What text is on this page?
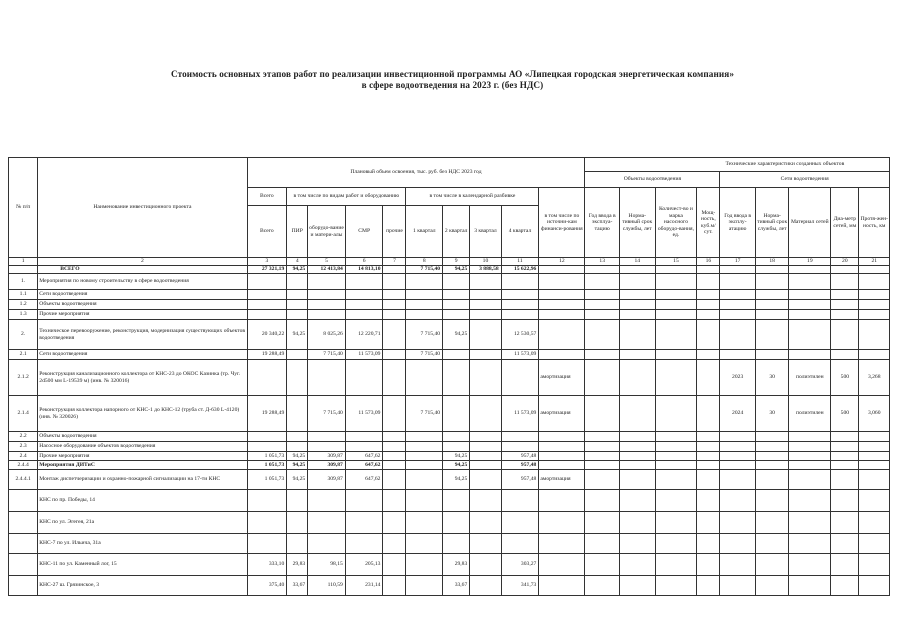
Стоимость основных этапов работ по реализации инвестиционной программы АО «Липецкая городская энергетическая компания»
в сфере водоотведения на 2023 г. (без НДС)
№ п/п	Наименование инвестиционного проекта	Плановый объем освоения, тыс. руб. без НДС 2023 год										Технические характеристики созданных объектов								
												Объекты водоотведения				Сети водоотведения				
		Всего	в том числе по видам работ и оборудованию				в том числе в календарной разбивке				в том числе по источни-кам финанси-рования	Год ввода в эксплуа-тацию	Норма-тивный срок службы, лет	Количест-во и марка насосного оборудо-вания, ед.	Мощ-ность, куб.м/сут.	Год ввода в эксплу-атацию	Норма-тивный срок службы, лет	Материал сетей	Диа-метр сетей, мм	Протя-жен-ность, км
		Всего	ПИР	оборудо-вание и матери-алы	СМР	прочие	1 квартал	2 квартал	3 квартал	4 квартал										
1	2	3	4	5	6	7	8	9	10	11	12	13	14	15	16	17	18	19	20	21
	ВСЕГО	27 321,19	94,25	12 413,84	14 813,10		7 715,40	94,25	3 888,58	15 622,96										
1.	Мероприятия по новому строительству в сфере водоотведения																			
1.1	Сети водоотведения																			
1.2	Объекты водоотведения																			
1.3	Прочие мероприятия																			
2.	Техническое перевооружение, реконструкция, модернизация существующих объектов водоотведения	20 340,22	94,25	8 025,26	12 220,71		7 715,40	94,25		12 530,57										
2.1	Сети водоотведения	19 288,49		7 715,40	11 573,09		7 715,40			11 573,09										
2.1.2	Реконструкция канализационного коллектора от КНС-23 до ОКОС Казинка (тр. Чуг. 2d500 мм L-19539 м) (инв. № 320016)										амортизация					2023	30	полиэтилен	500	3,268
2.1.4	Реконструкция коллектора напорного от КНС-1 до КНС-12 (труба ст. Д-630 L-4120) (инв. № 320026)	19 288,49		7 715,40	11 573,09		7 715,40			11 573,09	амортизация					2024	30	полиэтилен	500	3,060
2.2	Объекты водоотведения																			
2.3	Насосное оборудование объектов водоотведения																			
2.4	Прочие мероприятия	1 051,73	94,25	309,87	647,62			94,25		957,48										
2.4.4	Мероприятия ДИТиС	1 051,73	94,25	309,87	647,62			94,25		957,48										
2.4.4.1	Монтаж диспетчеризации и охранно-пожарной сигнализации на 17-ти КНС	1 051,73	94,25	309,87	647,62			94,25		957,48	амортизация									
	КНС по пр. Победы, 14																			
	КНС по ул. Эгегея, 21а																			
	КНС-7 по ул. Ильича, 31а																			
	КНС-11 по ул. Каменный лог, 15	333,10	29,83	98,15	205,13			29,83		303,27										
	КНС-27 ш. Грязинское, 3	375,40	33,67	110,59	231,14			33,67		341,73										
